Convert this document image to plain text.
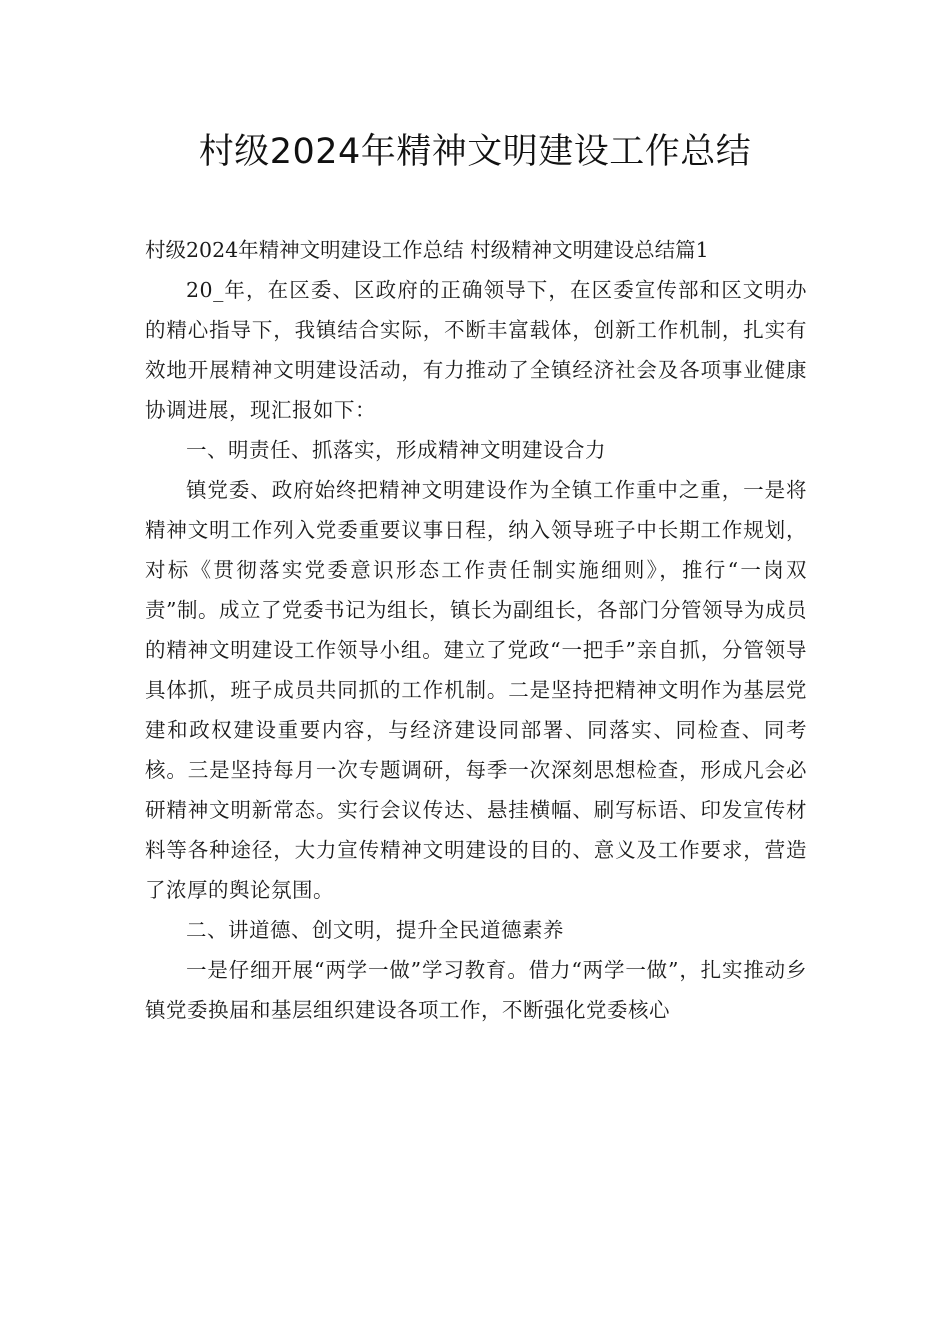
村级2024年精神文明建设工作总结

村级2024年精神文明建设工作总结 村级精神文明建设总结篇1

20_年，在区委、区政府的正确领导下，在区委宣传部和区文明办的精心指导下，我镇结合实际，不断丰富载体，创新工作机制，扎实有效地开展精神文明建设活动，有力推动了全镇经济社会及各项事业健康协调进展，现汇报如下：

一、明责任、抓落实，形成精神文明建设合力

镇党委、政府始终把精神文明建设作为全镇工作重中之重，一是将精神文明工作列入党委重要议事日程，纳入领导班子中长期工作规划，对标《贯彻落实党委意识形态工作责任制实施细则》，推行“一岗双责”制。成立了党委书记为组长，镇长为副组长，各部门分管领导为成员的精神文明建设工作领导小组。建立了党政“一把手”亲自抓，分管领导具体抓，班子成员共同抓的工作机制。二是坚持把精神文明作为基层党建和政权建设重要内容，与经济建设同部署、同落实、同检查、同考核。三是坚持每月一次专题调研，每季一次深刻思想检查，形成凡会必研精神文明新常态。实行会议传达、悬挂横幅、刷写标语、印发宣传材料等各种途径，大力宣传精神文明建设的目的、意义及工作要求，营造了浓厚的舆论氛围。

二、讲道德、创文明，提升全民道德素养

一是仔细开展“两学一做”学习教育。借力“两学一做”，扎实推动乡镇党委换届和基层组织建设各项工作，不断强化党委核心
